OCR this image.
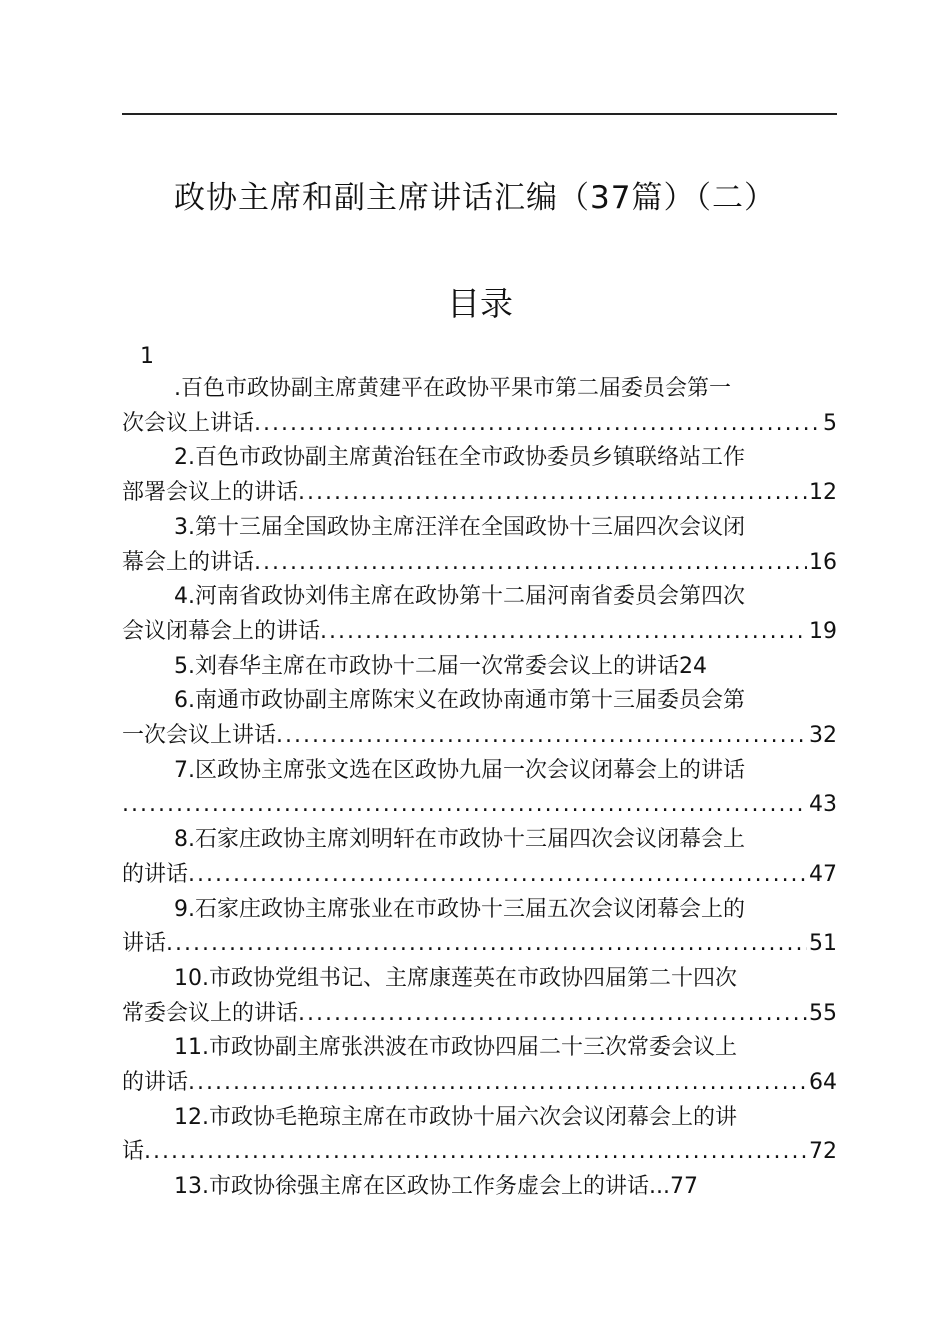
政协主席和副主席讲话汇编（37篇）（二）
目录
1
.百色市政协副主席黄建平在政协平果市第二届委员会第一
次会议上讲话	5
.....
2.百色市政协副主席黄治钰在全市政协委员乡镇联络站工作
部署会议上的讲话	12
.....
3.第十三届全国政协主席汪洋在全国政协十三届四次会议闭
幕会上的讲话	16
.....
4.河南省政协刘伟主席在政协第十二届河南省委员会第四次
会议闭幕会上的讲话	19
.....
5.刘春华主席在市政协十二届一次常委会议上的讲话24
6.南通市政协副主席陈宋义在政协南通市第十三届委员会第
一次会议上讲话	32
.....
7.区政协主席张文选在区政协九届一次会议闭幕会上的讲话
43
.....
8.石家庄政协主席刘明轩在市政协十三届四次会议闭幕会上
的讲话	47
.....
9.石家庄政协主席张业在市政协十三届五次会议闭幕会上的
讲话	51
.....
10.市政协党组书记、主席康莲英在市政协四届第二十四次
常委会议上的讲话	55
.....
11.市政协副主席张洪波在市政协四届二十三次常委会议上
的讲话	64
.....
12.市政协毛艳琼主席在市政协十届六次会议闭幕会上的讲
话	72
.....
13.市政协徐强主席在区政协工作务虚会上的讲话...77
